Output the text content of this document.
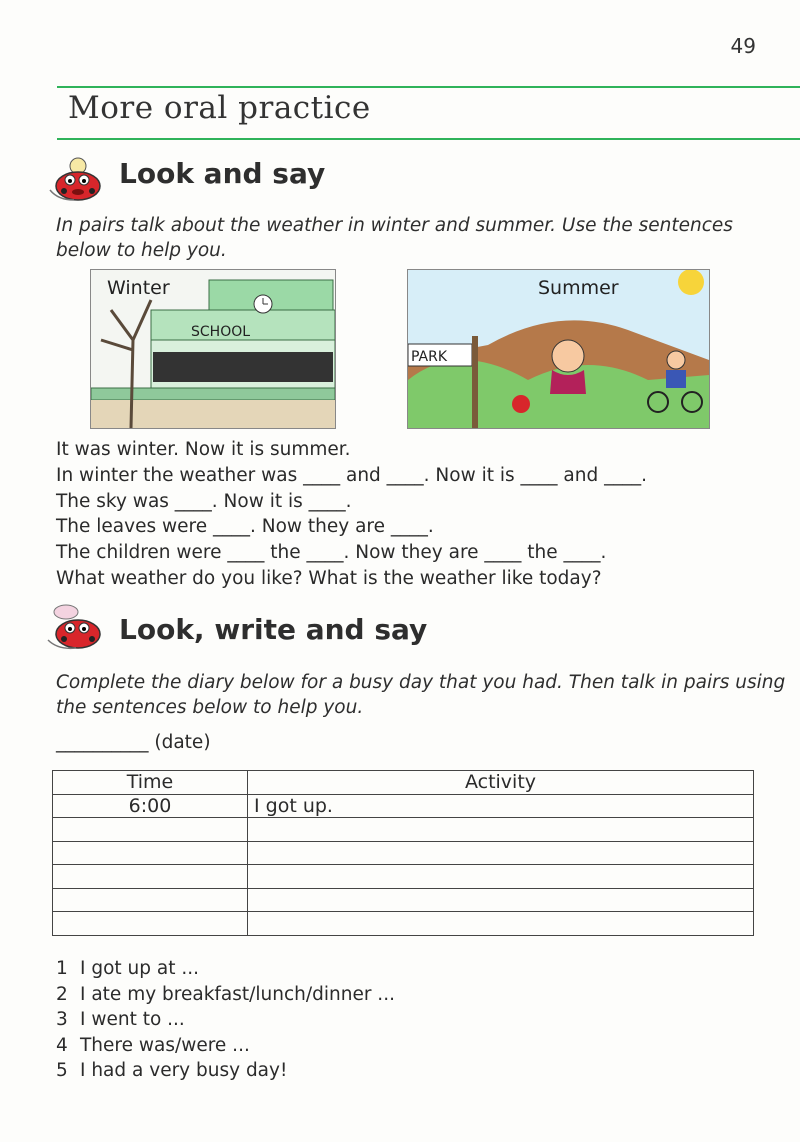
49
More oral practice
Look and say
In pairs talk about the weather in winter and summer. Use the sentences below to help you.
SCHOOL
Winter
PARK
Summer
It was winter. Now it is summer.
In winter the weather was ____ and ____. Now it is ____ and ____.
The sky was ____. Now it is ____.
The leaves were ____. Now they are ____.
The children were ____ the ____. Now they are ____ the ____.
What weather do you like? What is the weather like today?
Look, write and say
Complete the diary below for a busy day that you had. Then talk in pairs using the sentences below to help you.
__________ (date)
Time	Activity
6:00	I got up.

1 I got up at ...
2 I ate my breakfast/lunch/dinner ...
3 I went to ...
4 There was/were ...
5 I had a very busy day!
